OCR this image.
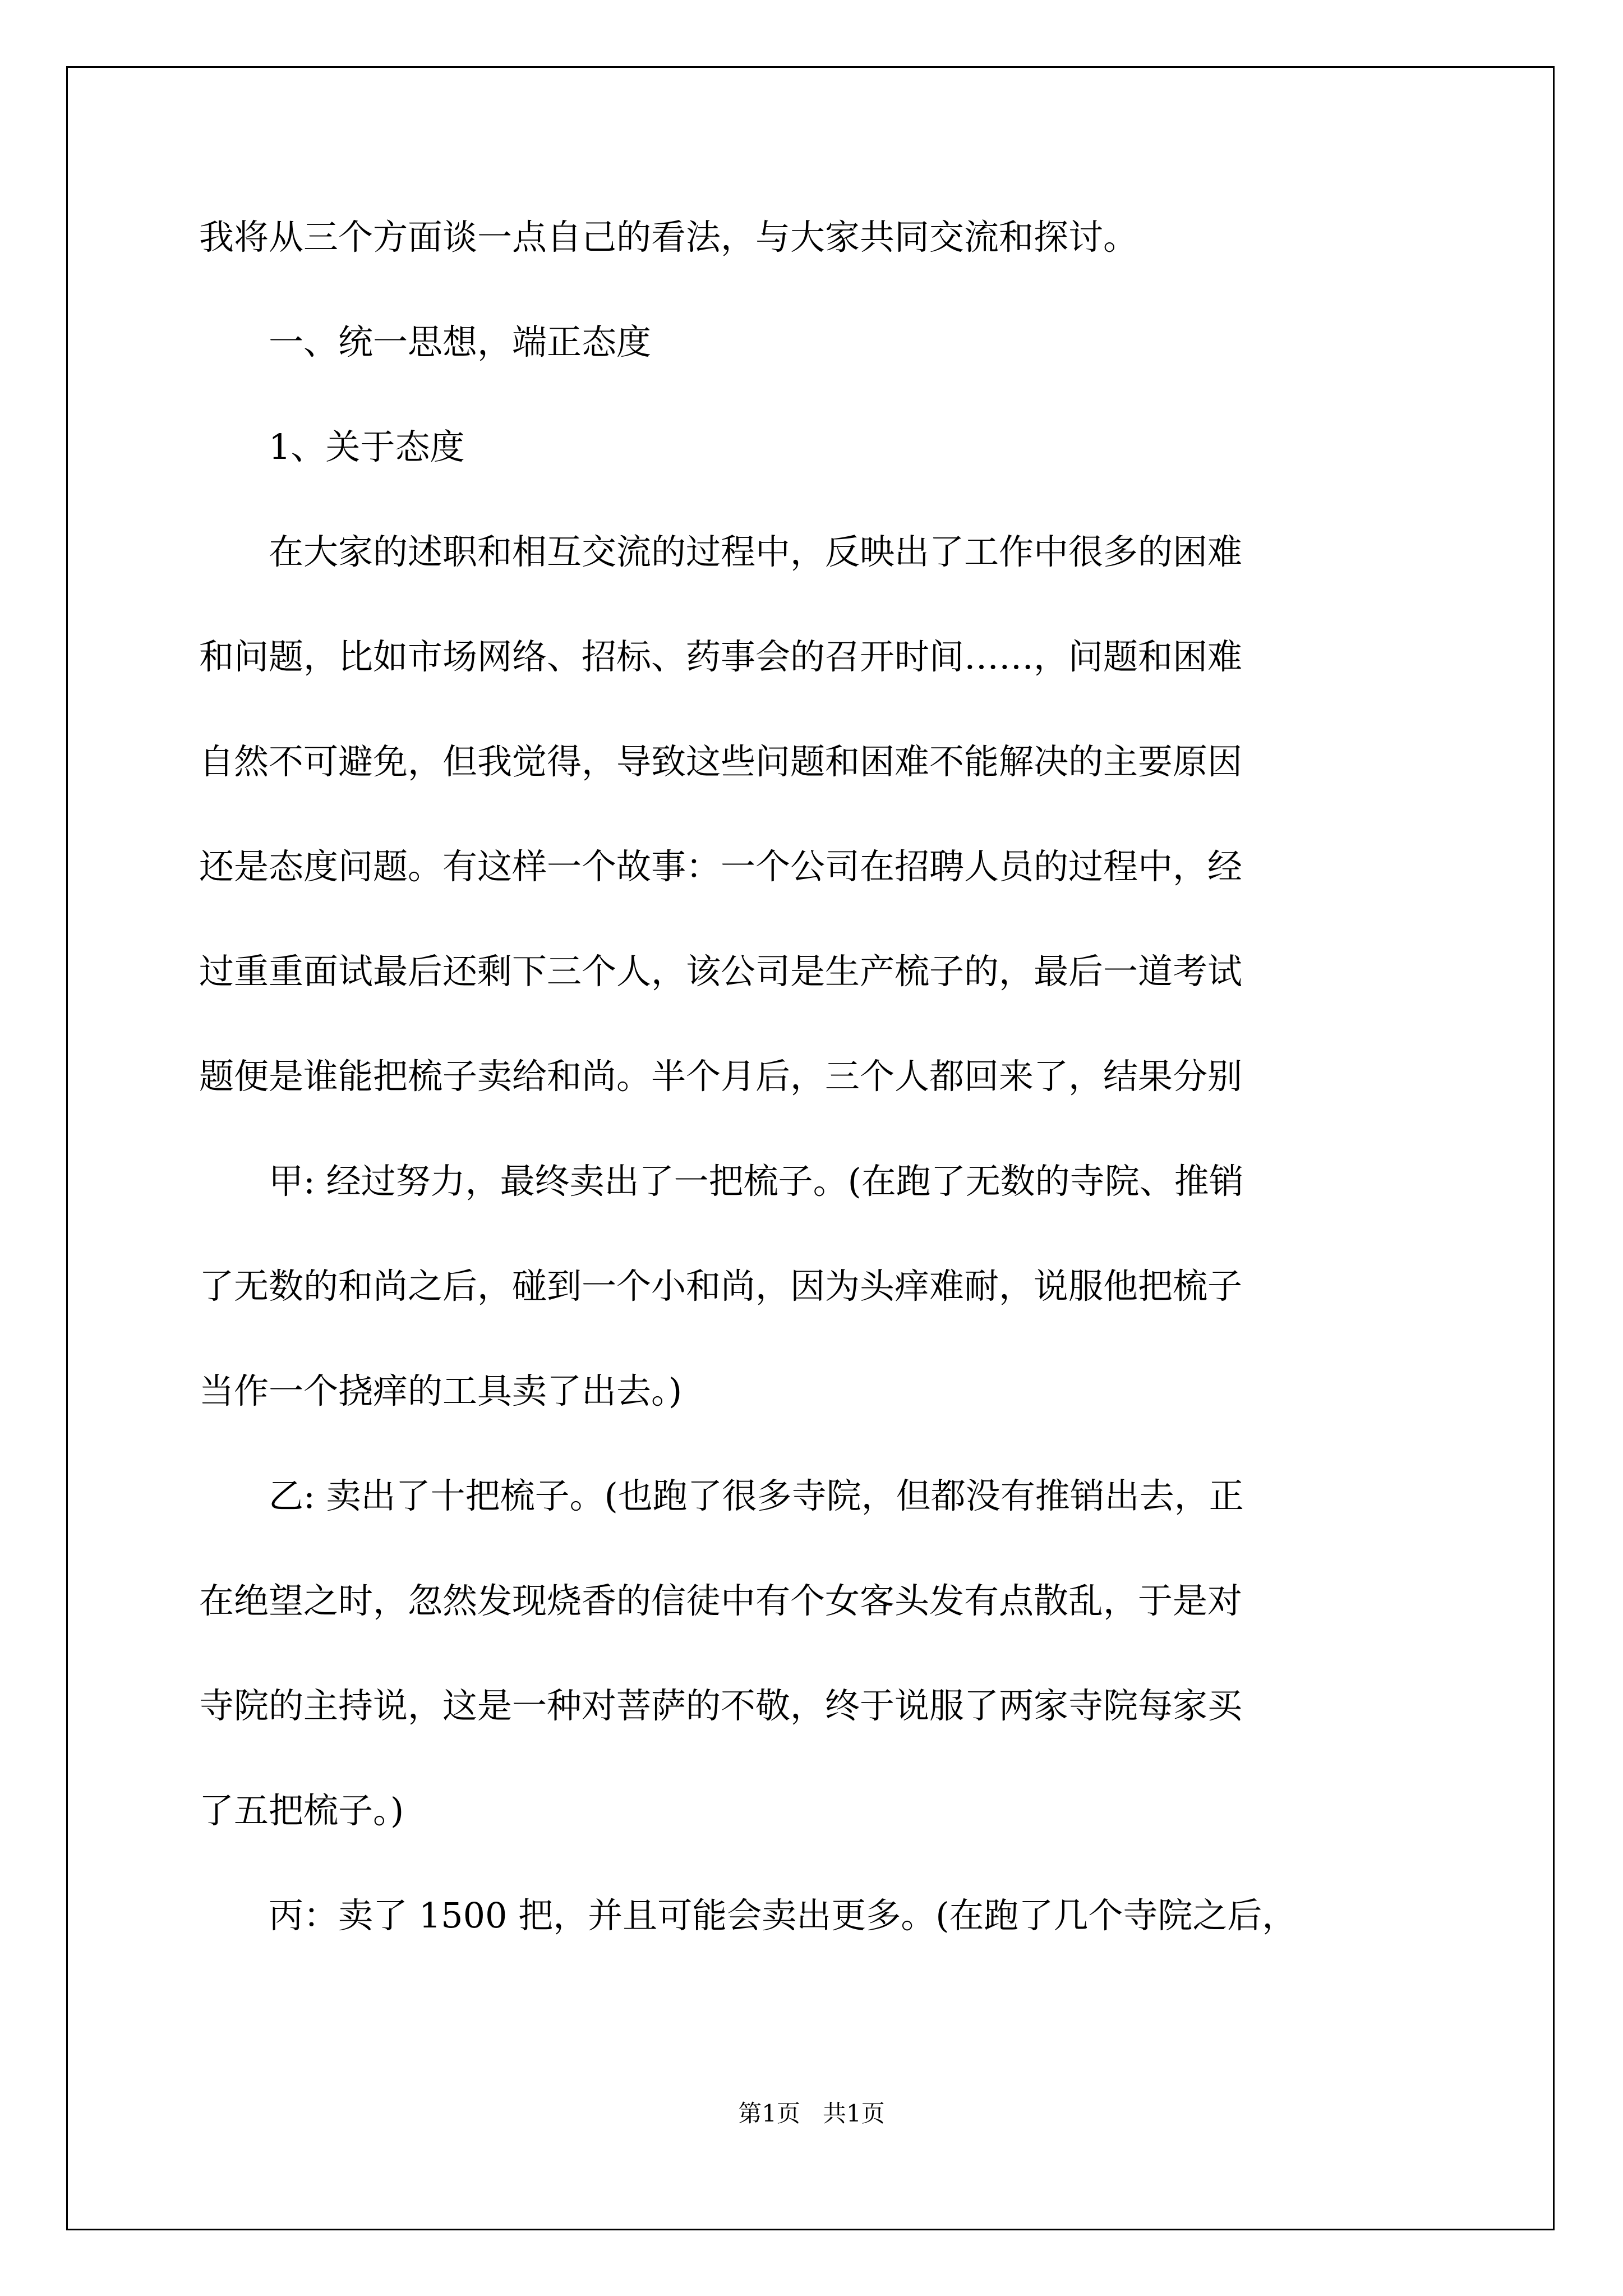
我将从三个方面谈一点自己的看法，与大家共同交流和探讨。

　　一、统一思想，端正态度

　　1、关于态度

　　在大家的述职和相互交流的过程中，反映出了工作中很多的困难

和问题，比如市场网络、招标、药事会的召开时间……，问题和困难

自然不可避免，但我觉得，导致这些问题和困难不能解决的主要原因

还是态度问题。有这样一个故事：一个公司在招聘人员的过程中，经

过重重面试最后还剩下三个人，该公司是生产梳子的，最后一道考试

题便是谁能把梳子卖给和尚。半个月后，三个人都回来了，结果分别

　　甲: 经过努力，最终卖出了一把梳子。(在跑了无数的寺院、推销

了无数的和尚之后，碰到一个小和尚，因为头痒难耐，说服他把梳子

当作一个挠痒的工具卖了出去。)

　　乙: 卖出了十把梳子。(也跑了很多寺院，但都没有推销出去，正

在绝望之时，忽然发现烧香的信徒中有个女客头发有点散乱，于是对

寺院的主持说，这是一种对菩萨的不敬，终于说服了两家寺院每家买

了五把梳子。)

　　丙：卖了 1500 把，并且可能会卖出更多。(在跑了几个寺院之后，

第1页   共1页
